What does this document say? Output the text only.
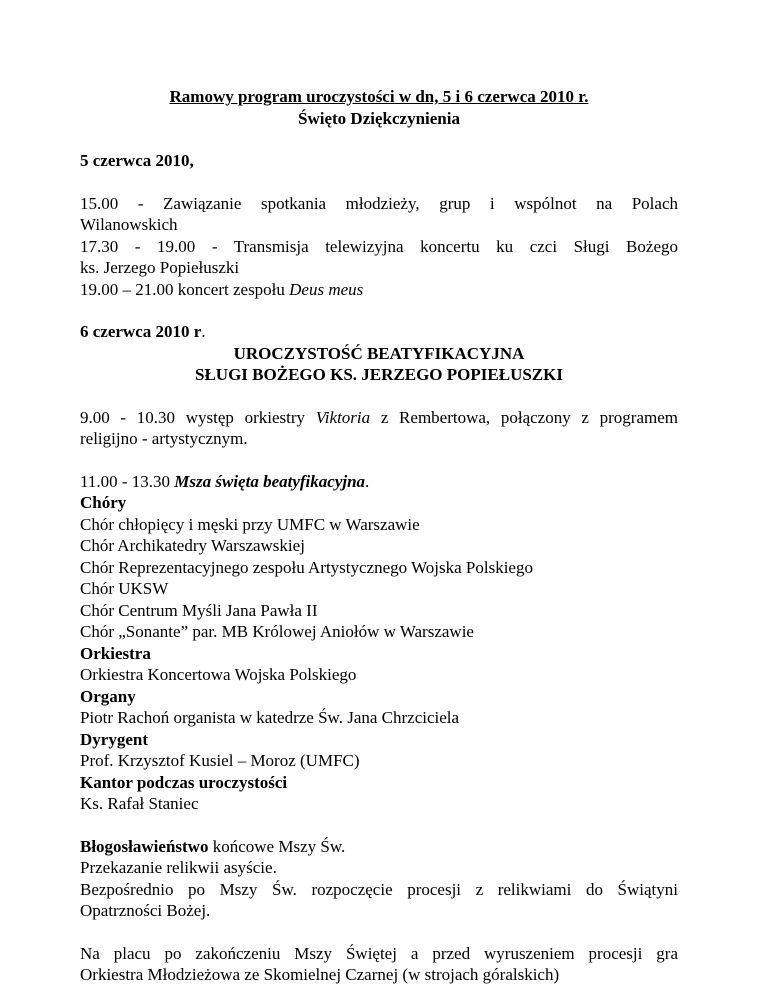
Ramowy program uroczystości w dn, 5 i 6 czerwca 2010 r.
Święto Dziękczynienia
5 czerwca 2010,
15.00 - Zawiązanie spotkania młodzieży, grup i wspólnot na Polach
Wilanowskich
17.30 - 19.00 - Transmisja telewizyjna koncertu ku czci Sługi Bożego
ks. Jerzego Popiełuszki
19.00 – 21.00 koncert zespołu Deus meus
6 czerwca 2010 r.
UROCZYSTOŚĆ BEATYFIKACYJNA
SŁUGI BOŻEGO KS. JERZEGO POPIEŁUSZKI
9.00 - 10.30 występ orkiestry Viktoria z Rembertowa, połączony z programem
religijno - artystycznym.
11.00 - 13.30 Msza święta beatyfikacyjna.
Chóry
Chór chłopięcy i męski przy UMFC w Warszawie
Chór Archikatedry Warszawskiej
Chór Reprezentacyjnego zespołu Artystycznego Wojska Polskiego
Chór UKSW
Chór Centrum Myśli Jana Pawła II
Chór „Sonante” par. MB Królowej Aniołów w Warszawie
Orkiestra
Orkiestra Koncertowa Wojska Polskiego
Organy
Piotr Rachoń organista w katedrze Św. Jana Chrzciciela
Dyrygent
Prof. Krzysztof Kusiel – Moroz (UMFC)
Kantor podczas uroczystości
Ks. Rafał Staniec
Błogosławieństwo końcowe Mszy Św.
Przekazanie relikwii asyście.
Bezpośrednio po Mszy Św. rozpoczęcie procesji z relikwiami do Świątyni
Opatrzności Bożej.
Na placu po zakończeniu Mszy Świętej a przed wyruszeniem procesji gra
Orkiestra Młodzieżowa ze Skomielnej Czarnej (w strojach góralskich)
